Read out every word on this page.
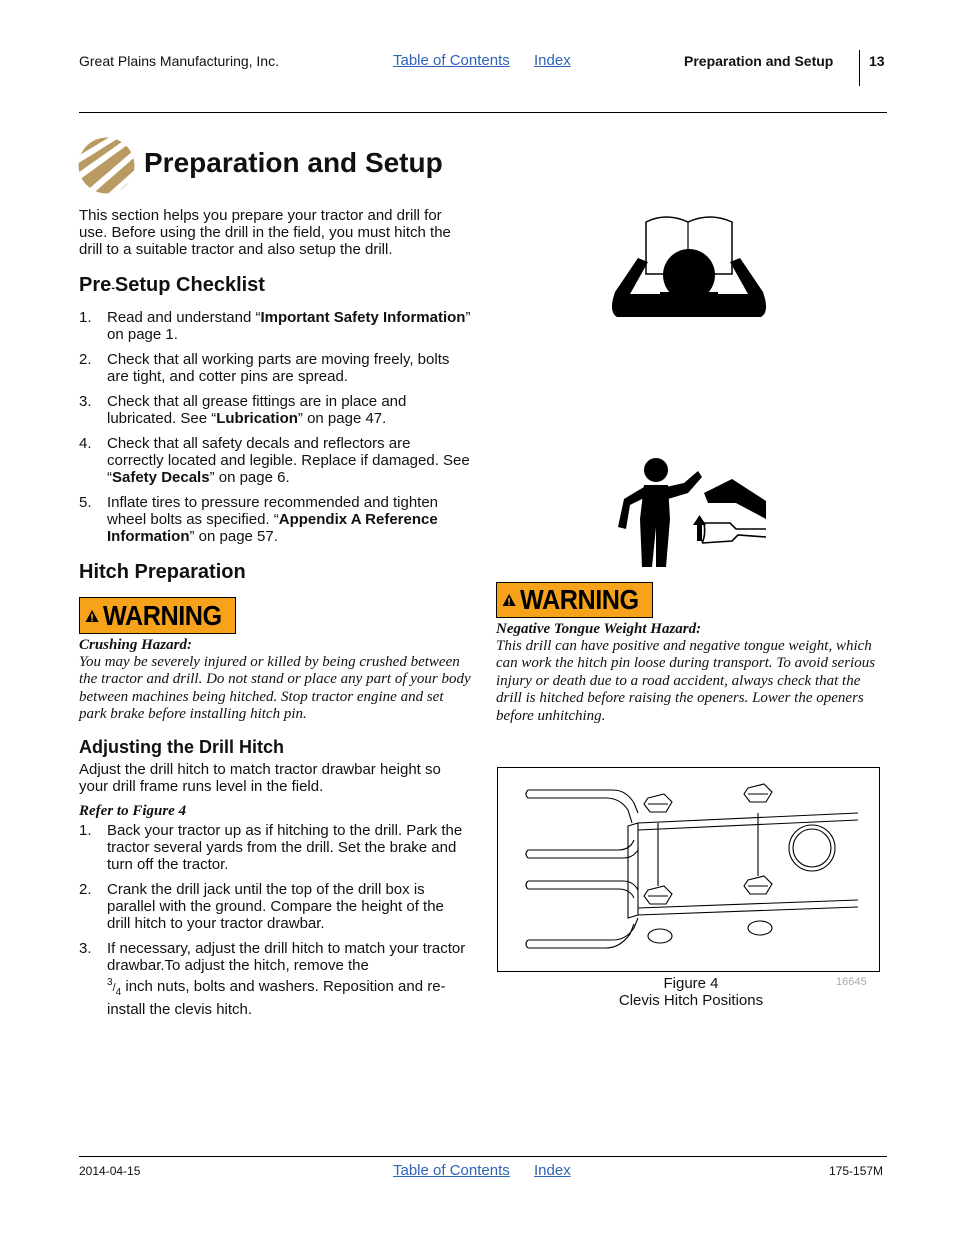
Great Plains Manufacturing, Inc.	Table of Contents Index	Preparation and Setup	13
Preparation and Setup
This section helps you prepare your tractor and drill for use. Before using the drill in the field, you must hitch the drill to a suitable tractor and also setup the drill.
Pre-Setup Checklist
1. Read and understand “Important Safety Information” on page 1.
2. Check that all working parts are moving freely, bolts are tight, and cotter pins are spread.
3. Check that all grease fittings are in place and lubricated. See “Lubrication” on page 47.
4. Check that all safety decals and reflectors are correctly located and legible. Replace if damaged. See “Safety Decals” on page 6.
5. Inflate tires to pressure recommended and tighten wheel bolts as specified. “Appendix A Reference Information” on page 57.
Hitch Preparation
WARNING
Crushing Hazard:
You may be severely injured or killed by being crushed between the tractor and drill. Do not stand or place any part of your body between machines being hitched. Stop tractor engine and set park brake before installing hitch pin.
Adjusting the Drill Hitch
Adjust the drill hitch to match tractor drawbar height so your drill frame runs level in the field.
Refer to Figure 4
1. Back your tractor up as if hitching to the drill. Park the tractor several yards from the drill. Set the brake and turn off the tractor.
2. Crank the drill jack until the top of the drill box is parallel with the ground. Compare the height of the drill hitch to your tractor drawbar.
3. If necessary, adjust the drill hitch to match your tractor drawbar.To adjust the hitch, remove the
$^3/_4$ inch nuts, bolts and washers. Reposition and re-install the clevis hitch.
WARNING
Negative Tongue Weight Hazard:
This drill can have positive and negative tongue weight, which can work the hitch pin loose during transport. To avoid serious injury or death due to a road accident, always check that the drill is hitched before raising the openers. Lower the openers before unhitching.
Figure 4
Clevis Hitch Positions
16645
2014-04-15	Table of Contents Index	175-157M
